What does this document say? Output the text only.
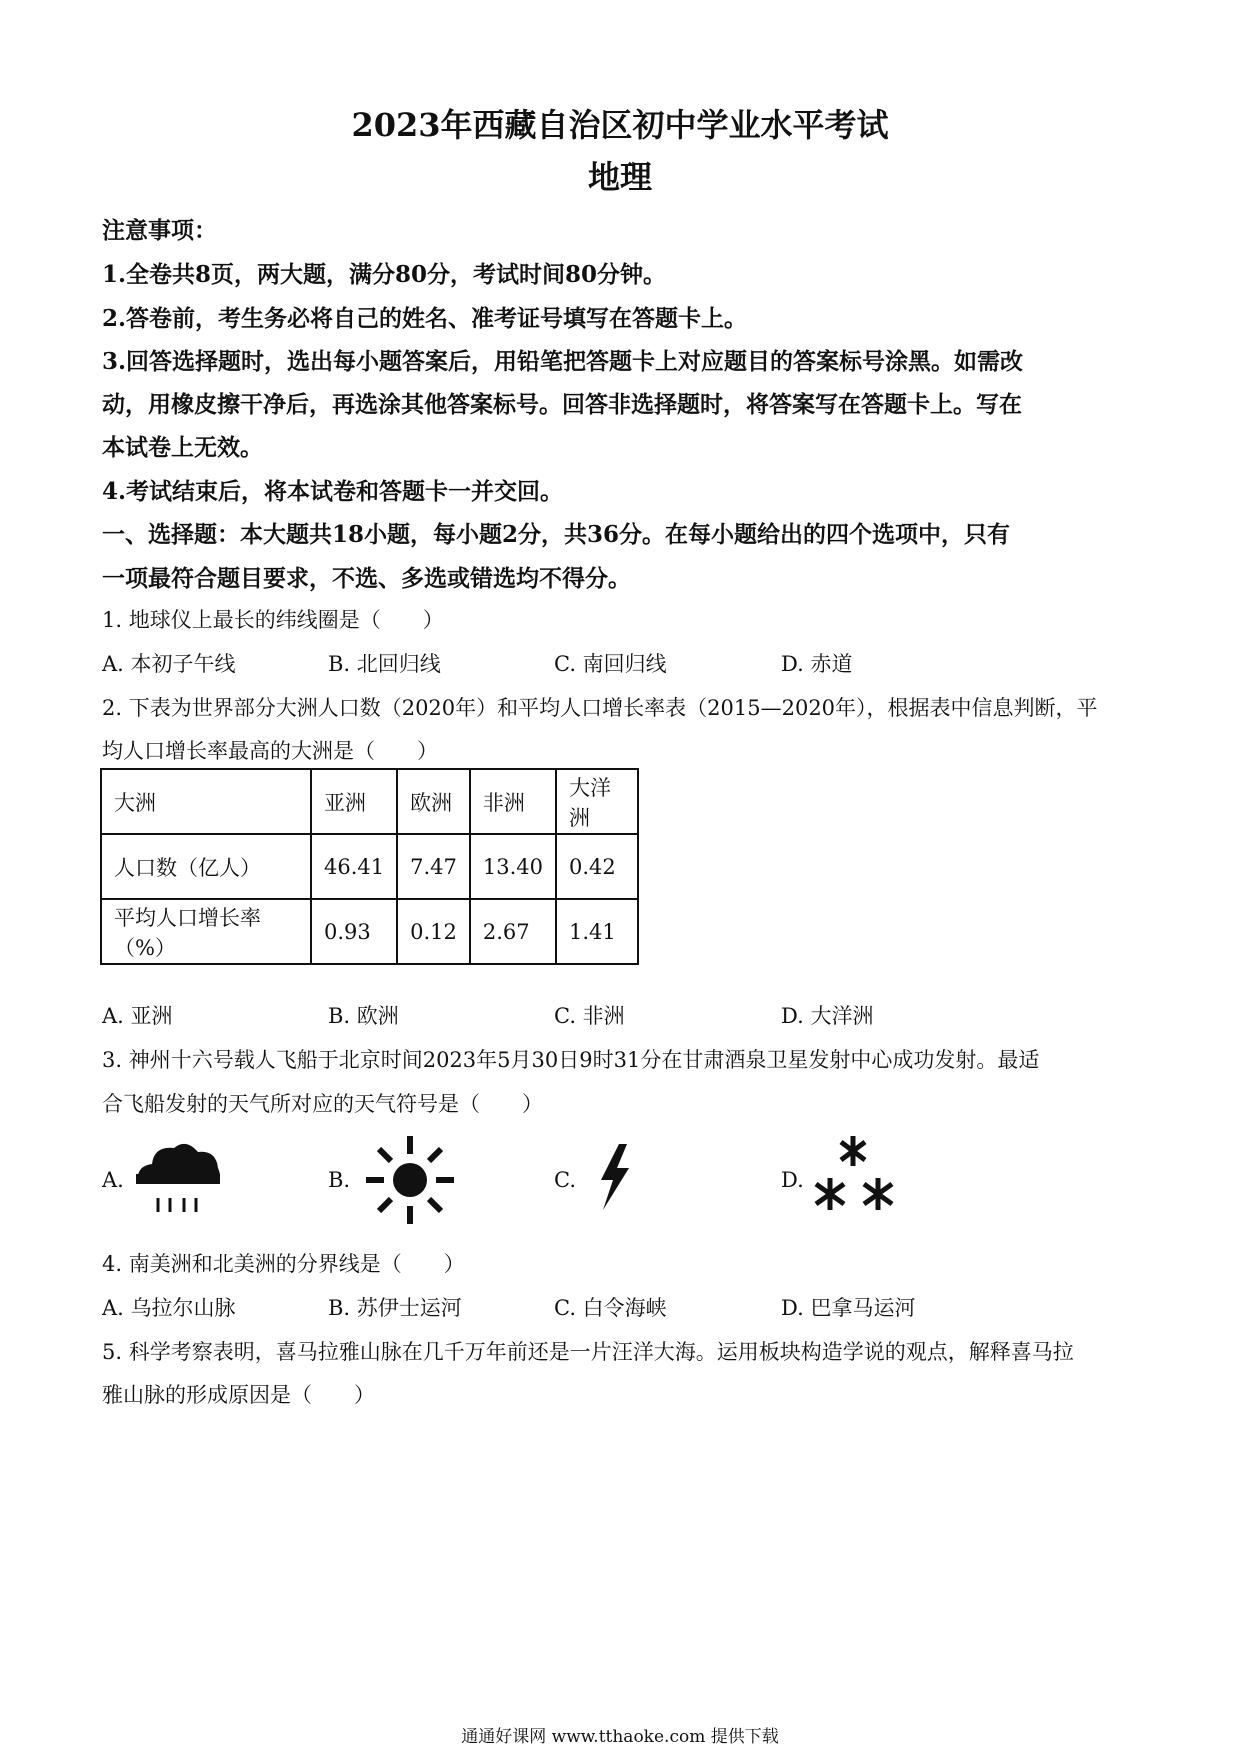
2023年西藏自治区初中学业水平考试
地理
注意事项：
1.全卷共8页，两大题，满分80分，考试时间80分钟。
2.答卷前，考生务必将自己的姓名、准考证号填写在答题卡上。
3.回答选择题时，选出每小题答案后，用铅笔把答题卡上对应题目的答案标号涂黑。如需改
动，用橡皮擦干净后，再选涂其他答案标号。回答非选择题时，将答案写在答题卡上。写在
本试卷上无效。
4.考试结束后，将本试卷和答题卡一并交回。
一、选择题：本大题共18小题，每小题2分，共36分。在每小题给出的四个选项中，只有
一项最符合题目要求，不选、多选或错选均不得分。
1. 地球仪上最长的纬线圈是（　　）
A. 本初子午线	B. 北回归线	C. 南回归线	D. 赤道
2. 下表为世界部分大洲人口数（2020年）和平均人口增长率表（2015—2020年），根据表中信息判断，平
均人口增长率最高的大洲是（　　）
大洲	亚洲	欧洲	非洲	大洋洲
人口数（亿人）	46.41	7.47	13.40	0.42
平均人口增长率（%）	0.93	0.12	2.67	1.41
A. 亚洲	B. 欧洲	C. 非洲	D. 大洋洲
3. 神州十六号载人飞船于北京时间2023年5月30日9时31分在甘肃酒泉卫星发射中心成功发射。最适
合飞船发射的天气所对应的天气符号是（　　）
A.	B.	C.	D.
4. 南美洲和北美洲的分界线是（　　）
A. 乌拉尔山脉	B. 苏伊士运河	C. 白令海峡	D. 巴拿马运河
5. 科学考察表明，喜马拉雅山脉在几千万年前还是一片汪洋大海。运用板块构造学说的观点，解释喜马拉
雅山脉的形成原因是（　　）
通通好课网 www.tthaoke.com 提供下载
